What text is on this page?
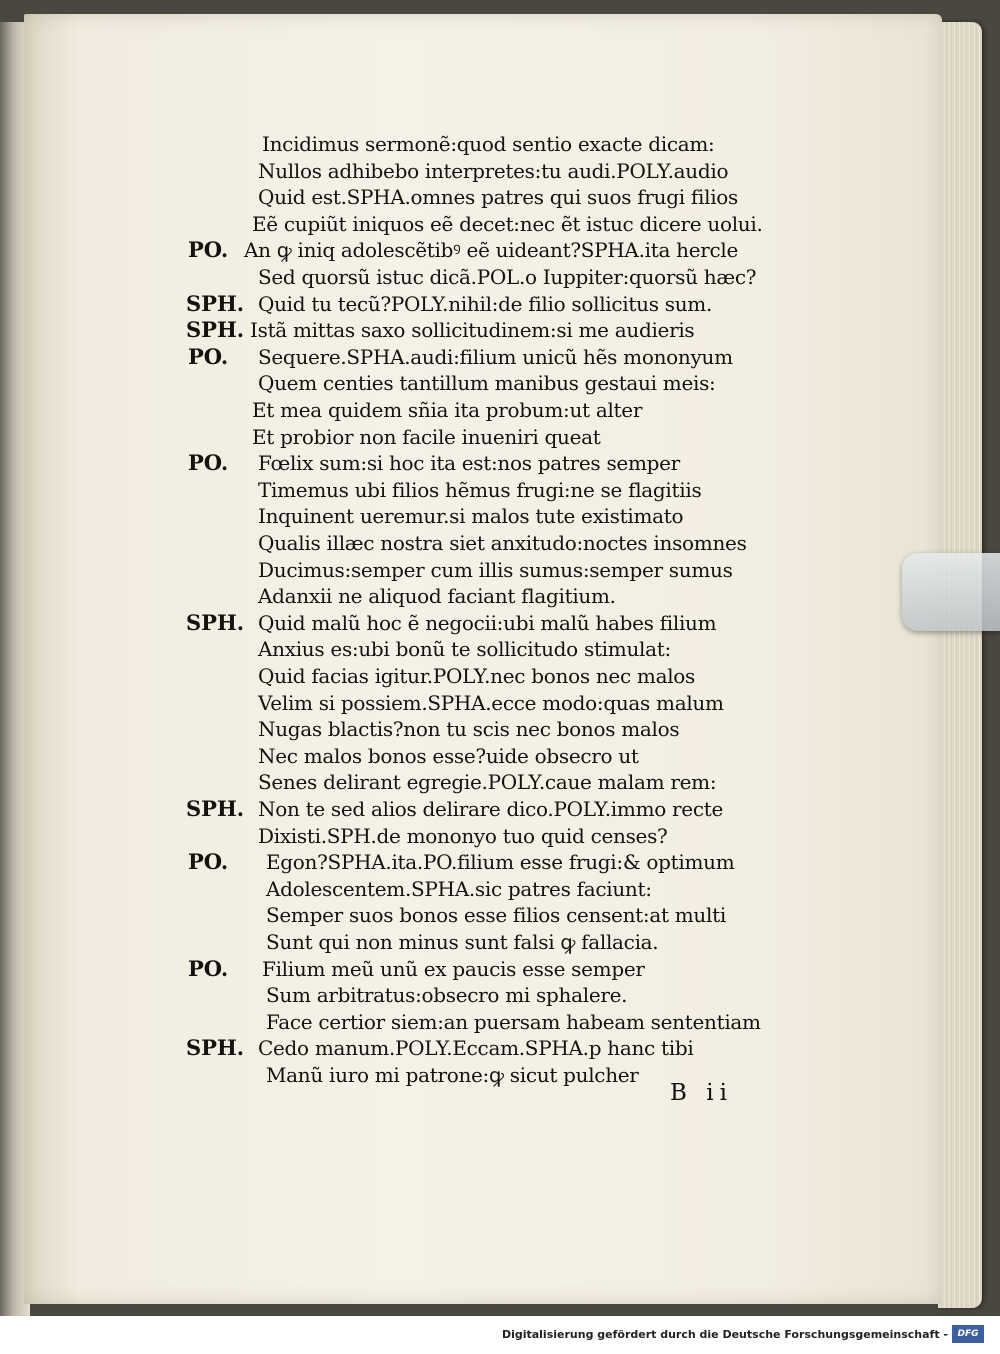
Incidimus sermonẽ:quod sentio exacte dicam:
Nullos adhibebo interpretes:tu audi.POLY.audio
Quid est.SPHA.omnes patres qui suos frugi filios
Eẽ cupiũt iniquos eẽ decet:nec ẽt istuc dicere uolui.
An ꝙ iniq adolescẽtibꝰ eẽ uideant?SPHA.ita hercle
Sed quorsũ istuc dicã.POL.o Iuppiter:quorsũ hæc?
Quid tu tecũ?POLY.nihil:de filio sollicitus sum.
Istã mittas saxo sollicitudinem:si me audieris
Sequere.SPHA.audi:filium unicũ hẽs mononyum
Quem centies tantillum manibus gestaui meis:
Et mea quidem sñia ita probum:ut alter
Et probior non facile inueniri queat
Fœlix sum:si hoc ita est:nos patres semper
Timemus ubi filios hẽmus frugi:ne se flagitiis
Inquinent ueremur.si malos tute existimato
Qualis illæc nostra siet anxitudo:noctes insomnes
Ducimus:semper cum illis sumus:semper sumus
Adanxii ne aliquod faciant flagitium.
Quid malũ hoc ẽ negocii:ubi malũ habes filium
Anxius es:ubi bonũ te sollicitudo stimulat:
Quid facias igitur.POLY.nec bonos nec malos
Velim si possiem.SPHA.ecce modo:quas malum
Nugas blactis?non tu scis nec bonos malos
Nec malos bonos esse?uide obsecro ut
Senes delirant egregie.POLY.caue malam rem:
Non te sed alios delirare dico.POLY.immo recte
Dixisti.SPH.de mononyo tuo quid censes?
Egon?SPHA.ita.PO.filium esse frugi:& optimum
Adolescentem.SPHA.sic patres faciunt:
Semper suos bonos esse filios censent:at multi
Sunt qui non minus sunt falsi ꝙ fallacia.
Filium meũ unũ ex paucis esse semper
Sum arbitratus:obsecro mi sphalere.
Face certior siem:an puersam habeam sententiam
Cedo manum.POLY.Eccam.SPHA.p hanc tibi
Manũ iuro mi patrone:ꝙ sicut pulcher
PO.
SPH.
SPH.
PO.
PO.
SPH.
SPH.
PO.
PO.
SPH.
B ii
Digitalisierung gefördert durch die Deutsche Forschungsgemeinschaft -	DFG
